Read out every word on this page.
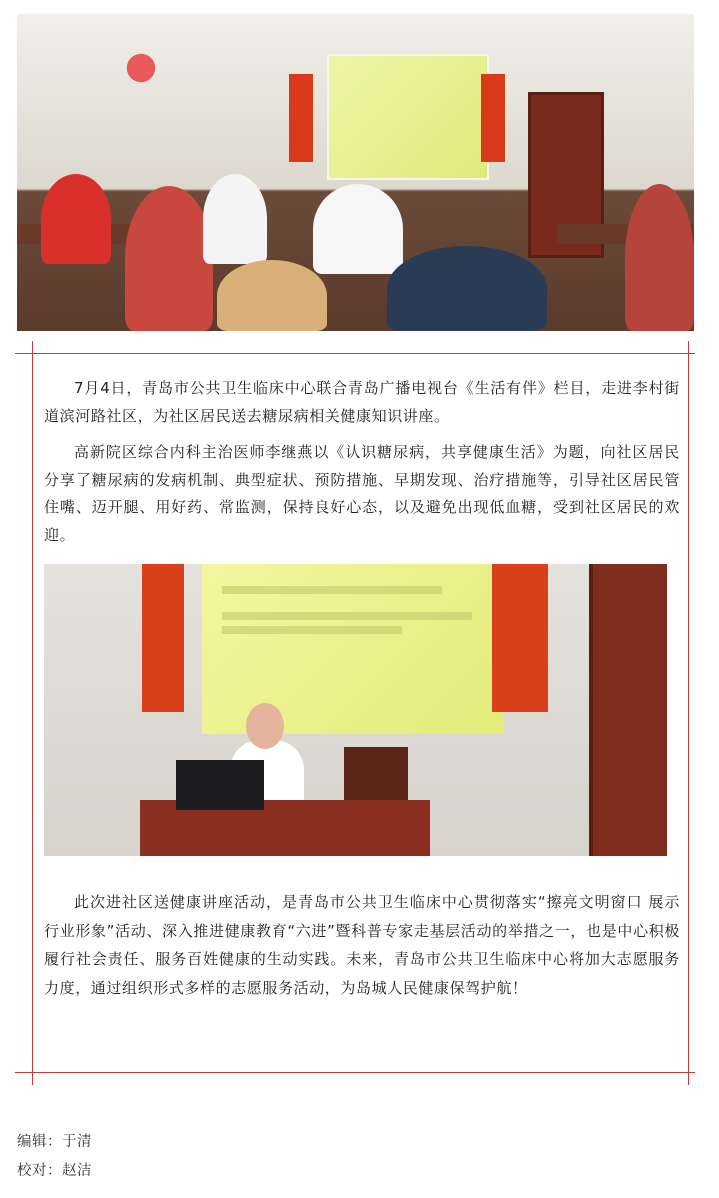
7月4日，青岛市公共卫生临床中心联合青岛广播电视台《生活有伴》栏目，走进李村街道滨河路社区，为社区居民送去糖尿病相关健康知识讲座。

高新院区综合内科主治医师李继燕以《认识糖尿病，共享健康生活》为题，向社区居民分享了糖尿病的发病机制、典型症状、预防措施、早期发现、治疗措施等，引导社区居民管住嘴、迈开腿、用好药、常监测，保持良好心态，以及避免出现低血糖，受到社区居民的欢迎。

此次进社区送健康讲座活动，是青岛市公共卫生临床中心贯彻落实“擦亮文明窗口 展示行业形象”活动、深入推进健康教育“六进”暨科普专家走基层活动的举措之一，也是中心积极履行社会责任、服务百姓健康的生动实践。未来，青岛市公共卫生临床中心将加大志愿服务力度，通过组织形式多样的志愿服务活动，为岛城人民健康保驾护航！

编辑：于清
校对：赵洁
